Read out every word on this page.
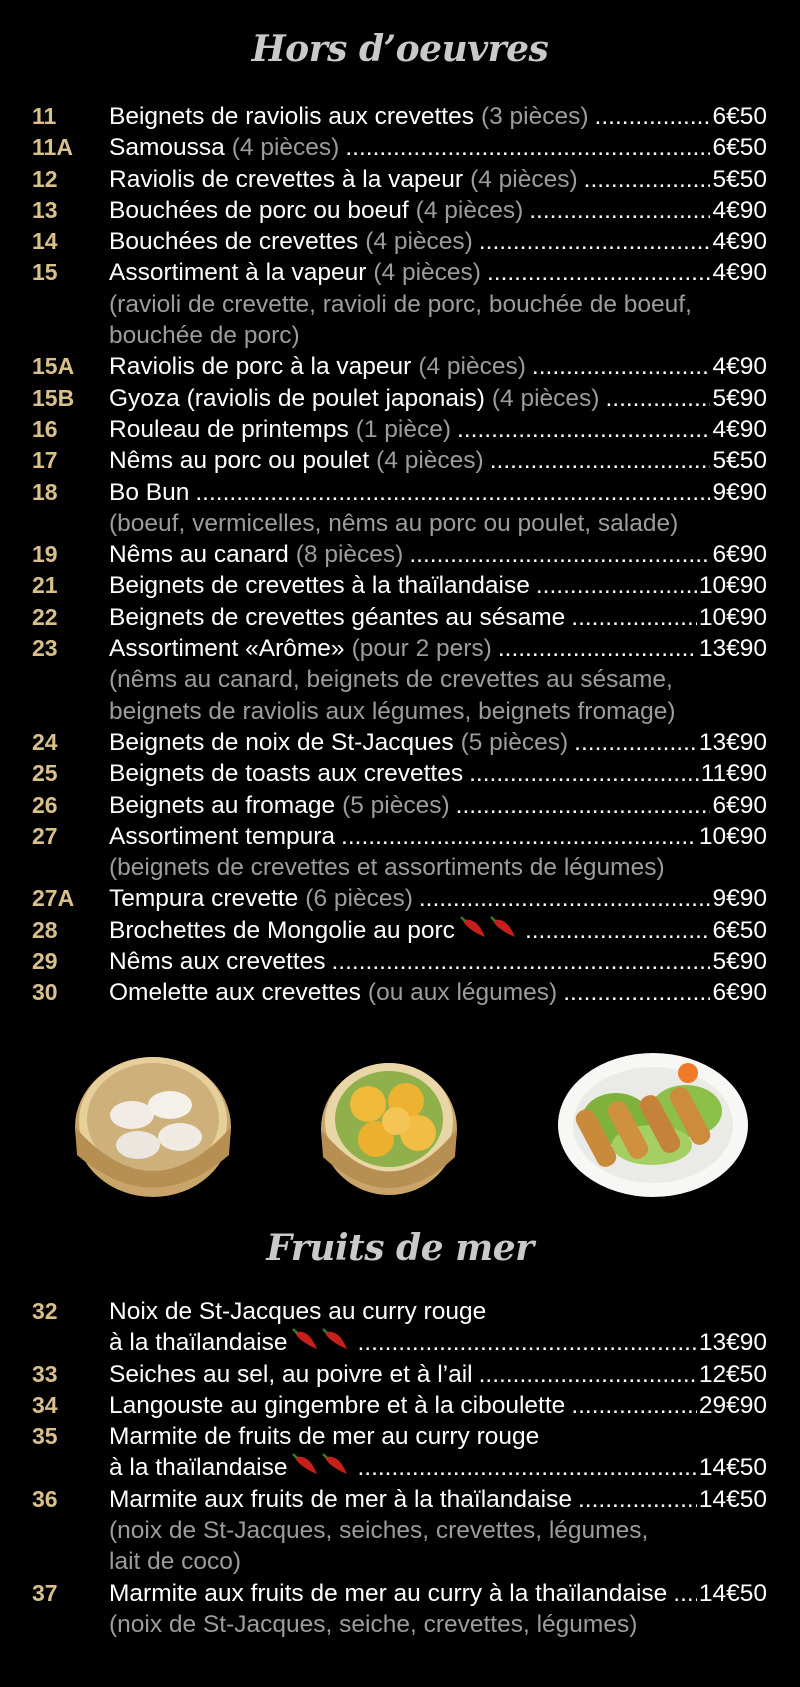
Hors d’oeuvres
11 Beignets de raviolis aux crevettes (3 pièces) .....	6€50
11A Samoussa (4 pièces) .....	6€50
12 Raviolis de crevettes à la vapeur (4 pièces) .....	5€50
13 Bouchées de porc ou boeuf (4 pièces) .....	4€90
14 Bouchées de crevettes (4 pièces) .....	4€90
15 Assortiment à la vapeur (4 pièces) .....	4€90
(ravioli de crevette, ravioli de porc, bouchée de boeuf,
bouchée de porc)
15A Raviolis de porc à la vapeur (4 pièces) .....	4€90
15B Gyoza (raviolis de poulet japonais) (4 pièces) .....	5€90
16 Rouleau de printemps (1 pièce) .....	4€90
17 Nêms au porc ou poulet (4 pièces) .....	5€50
18 Bo Bun .....	9€90
(boeuf, vermicelles, nêms au porc ou poulet, salade)
19 Nêms au canard (8 pièces) .....	6€90
21 Beignets de crevettes à la thaïlandaise .....	10€90
22 Beignets de crevettes géantes au sésame .....	10€90
23 Assortiment «Arôme» (pour 2 pers) .....	13€90
(nêms au canard, beignets de crevettes au sésame,
beignets de raviolis aux légumes, beignets fromage)
24 Beignets de noix de St-Jacques (5 pièces) .....	13€90
25 Beignets de toasts aux crevettes .....	11€90
26 Beignets au fromage (5 pièces) .....	6€90
27 Assortiment tempura .....	10€90
(beignets de crevettes et assortiments de légumes)
27A Tempura crevette (6 pièces) .....	9€90
28 Brochettes de Mongolie au porc .....	6€50
29 Nêms aux crevettes .....	5€90
30 Omelette aux crevettes (ou aux légumes) .....	6€90
Fruits de mer
32 Noix de St-Jacques au curry rouge
à la thaïlandaise .....	13€90
33 Seiches au sel, au poivre et à l’ail .....	12€50
34 Langouste au gingembre et à la ciboulette .....	29€90
35 Marmite de fruits de mer au curry rouge
à la thaïlandaise .....	14€50
36 Marmite aux fruits de mer à la thaïlandaise .....	14€50
(noix de St-Jacques, seiches, crevettes, légumes,
lait de coco)
37 Marmite aux fruits de mer au curry à la thaïlandaise ..... 14€50
(noix de St-Jacques, seiche, crevettes, légumes)
